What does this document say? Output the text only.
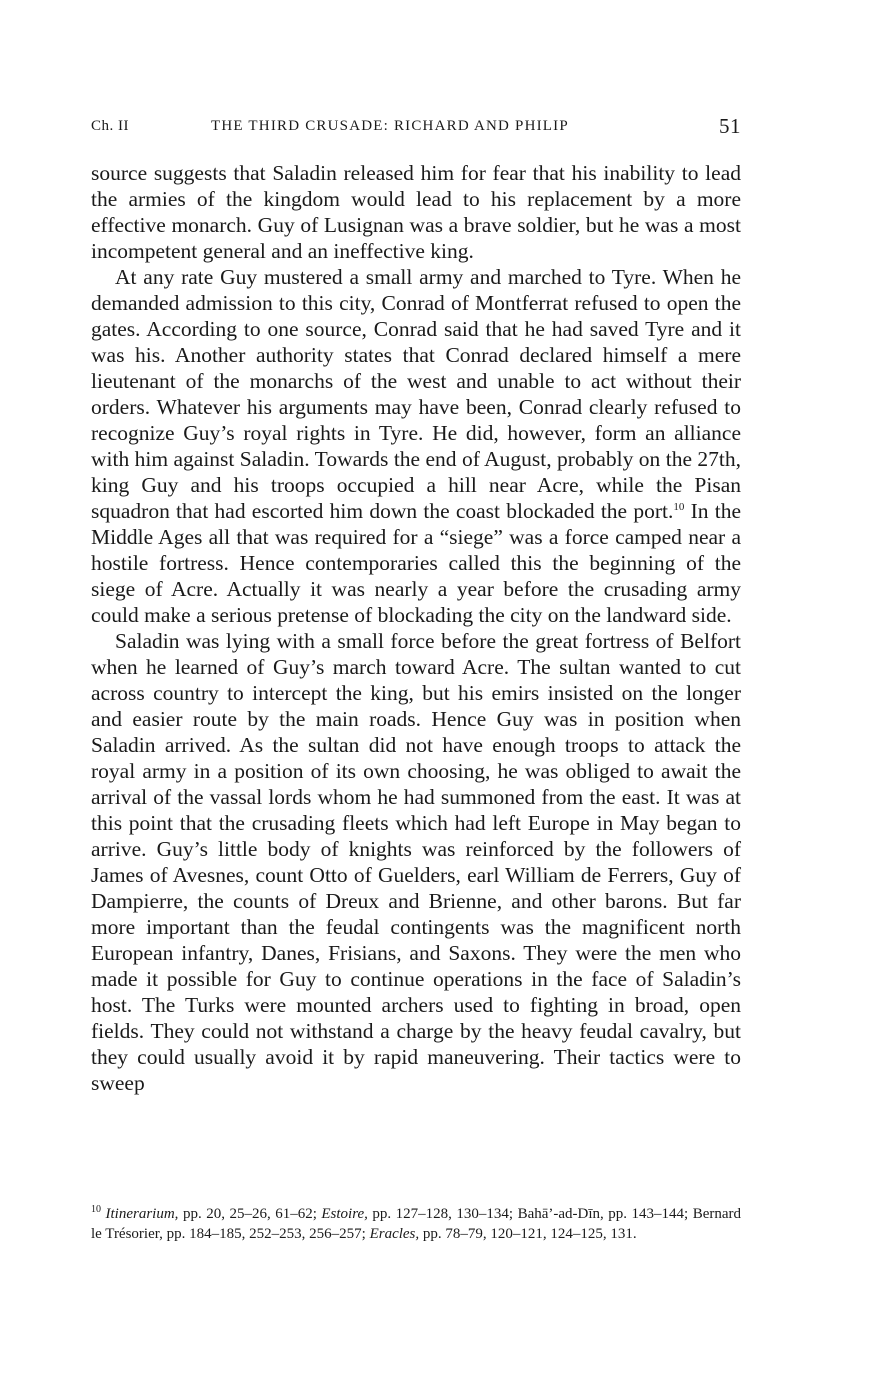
Ch. II	THE THIRD CRUSADE: RICHARD AND PHILIP	51

source suggests that Saladin released him for fear that his inability to lead the armies of the kingdom would lead to his replacement by a more effective monarch. Guy of Lusignan was a brave soldier, but he was a most incompetent general and an ineffective king.

At any rate Guy mustered a small army and marched to Tyre. When he demanded admission to this city, Conrad of Montferrat refused to open the gates. According to one source, Conrad said that he had saved Tyre and it was his. Another authority states that Conrad declared himself a mere lieutenant of the monarchs of the west and unable to act without their orders. Whatever his arguments may have been, Conrad clearly refused to recognize Guy’s royal rights in Tyre. He did, however, form an alliance with him against Saladin. Towards the end of August, probably on the 27th, king Guy and his troops occupied a hill near Acre, while the Pisan squadron that had escorted him down the coast blockaded the port.$^{10}$ In the Middle Ages all that was required for a “siege” was a force camped near a hostile fortress. Hence contemporaries called this the beginning of the siege of Acre. Actually it was nearly a year before the crusading army could make a serious pretense of blockading the city on the landward side.

Saladin was lying with a small force before the great fortress of Belfort when he learned of Guy’s march toward Acre. The sultan wanted to cut across country to intercept the king, but his emirs insisted on the longer and easier route by the main roads. Hence Guy was in position when Saladin arrived. As the sultan did not have enough troops to attack the royal army in a position of its own choosing, he was obliged to await the arrival of the vassal lords whom he had summoned from the east. It was at this point that the crusading fleets which had left Europe in May began to arrive. Guy’s little body of knights was reinforced by the followers of James of Avesnes, count Otto of Guelders, earl William de Ferrers, Guy of Dampierre, the counts of Dreux and Brienne, and other barons. But far more important than the feudal contingents was the magnificent north European infantry, Danes, Frisians, and Saxons. They were the men who made it possible for Guy to continue operations in the face of Saladin’s host. The Turks were mounted archers used to fighting in broad, open fields. They could not withstand a charge by the heavy feudal cavalry, but they could usually avoid it by rapid maneuvering. Their tactics were to sweep

$^{10}$ Itinerarium, pp. 20, 25–26, 61–62; Estoire, pp. 127–128, 130–134; Bahā’-ad-Dīn, pp. 143–144; Bernard le Trésorier, pp. 184–185, 252–253, 256–257; Eracles, pp. 78–79, 120–121, 124–125, 131.
